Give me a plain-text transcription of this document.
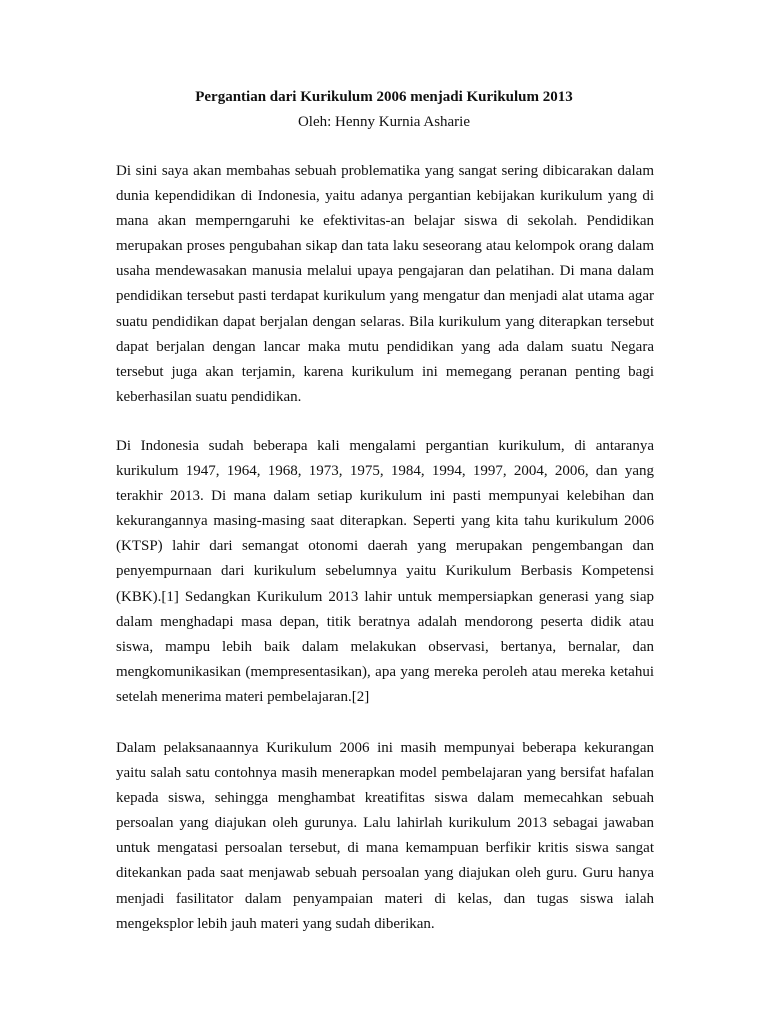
Pergantian dari Kurikulum 2006 menjadi Kurikulum 2013
Oleh: Henny Kurnia Asharie

Di sini saya akan membahas sebuah problematika yang sangat sering dibicarakan dalam dunia kependidikan di Indonesia, yaitu adanya pergantian kebijakan kurikulum yang di mana akan memperngaruhi ke efektivitas-an belajar siswa di sekolah. Pendidikan merupakan proses pengubahan sikap dan tata laku seseorang atau kelompok orang dalam usaha mendewasakan manusia melalui upaya pengajaran dan pelatihan. Di mana dalam pendidikan tersebut pasti terdapat kurikulum yang mengatur dan menjadi alat utama agar suatu pendidikan dapat berjalan dengan selaras. Bila kurikulum yang diterapkan tersebut dapat berjalan dengan lancar maka mutu pendidikan yang ada dalam suatu Negara tersebut juga akan terjamin, karena kurikulum ini memegang peranan penting bagi keberhasilan suatu pendidikan.

Di Indonesia sudah beberapa kali mengalami pergantian kurikulum, di antaranya kurikulum 1947, 1964, 1968, 1973, 1975, 1984, 1994, 1997, 2004, 2006, dan yang terakhir 2013. Di mana dalam setiap kurikulum ini pasti mempunyai kelebihan dan kekurangannya masing-masing saat diterapkan. Seperti yang kita tahu kurikulum 2006 (KTSP) lahir dari semangat otonomi daerah yang merupakan pengembangan dan penyempurnaan dari kurikulum sebelumnya yaitu Kurikulum Berbasis Kompetensi (KBK).[1] Sedangkan Kurikulum 2013 lahir untuk mempersiapkan generasi yang siap dalam menghadapi masa depan, titik beratnya adalah mendorong peserta didik atau siswa, mampu lebih baik dalam melakukan observasi, bertanya, bernalar, dan mengkomunikasikan (mempresentasikan), apa yang mereka peroleh atau mereka ketahui setelah menerima materi pembelajaran.[2]

Dalam pelaksanaannya Kurikulum 2006 ini masih mempunyai beberapa kekurangan yaitu salah satu contohnya masih menerapkan model pembelajaran yang bersifat hafalan kepada siswa, sehingga menghambat kreatifitas siswa dalam memecahkan sebuah persoalan yang diajukan oleh gurunya. Lalu lahirlah kurikulum 2013 sebagai jawaban untuk mengatasi persoalan tersebut, di mana kemampuan berfikir kritis siswa sangat ditekankan pada saat menjawab sebuah persoalan yang diajukan oleh guru. Guru hanya menjadi fasilitator dalam penyampaian materi di kelas, dan tugas siswa ialah mengeksplor lebih jauh materi yang sudah diberikan.
